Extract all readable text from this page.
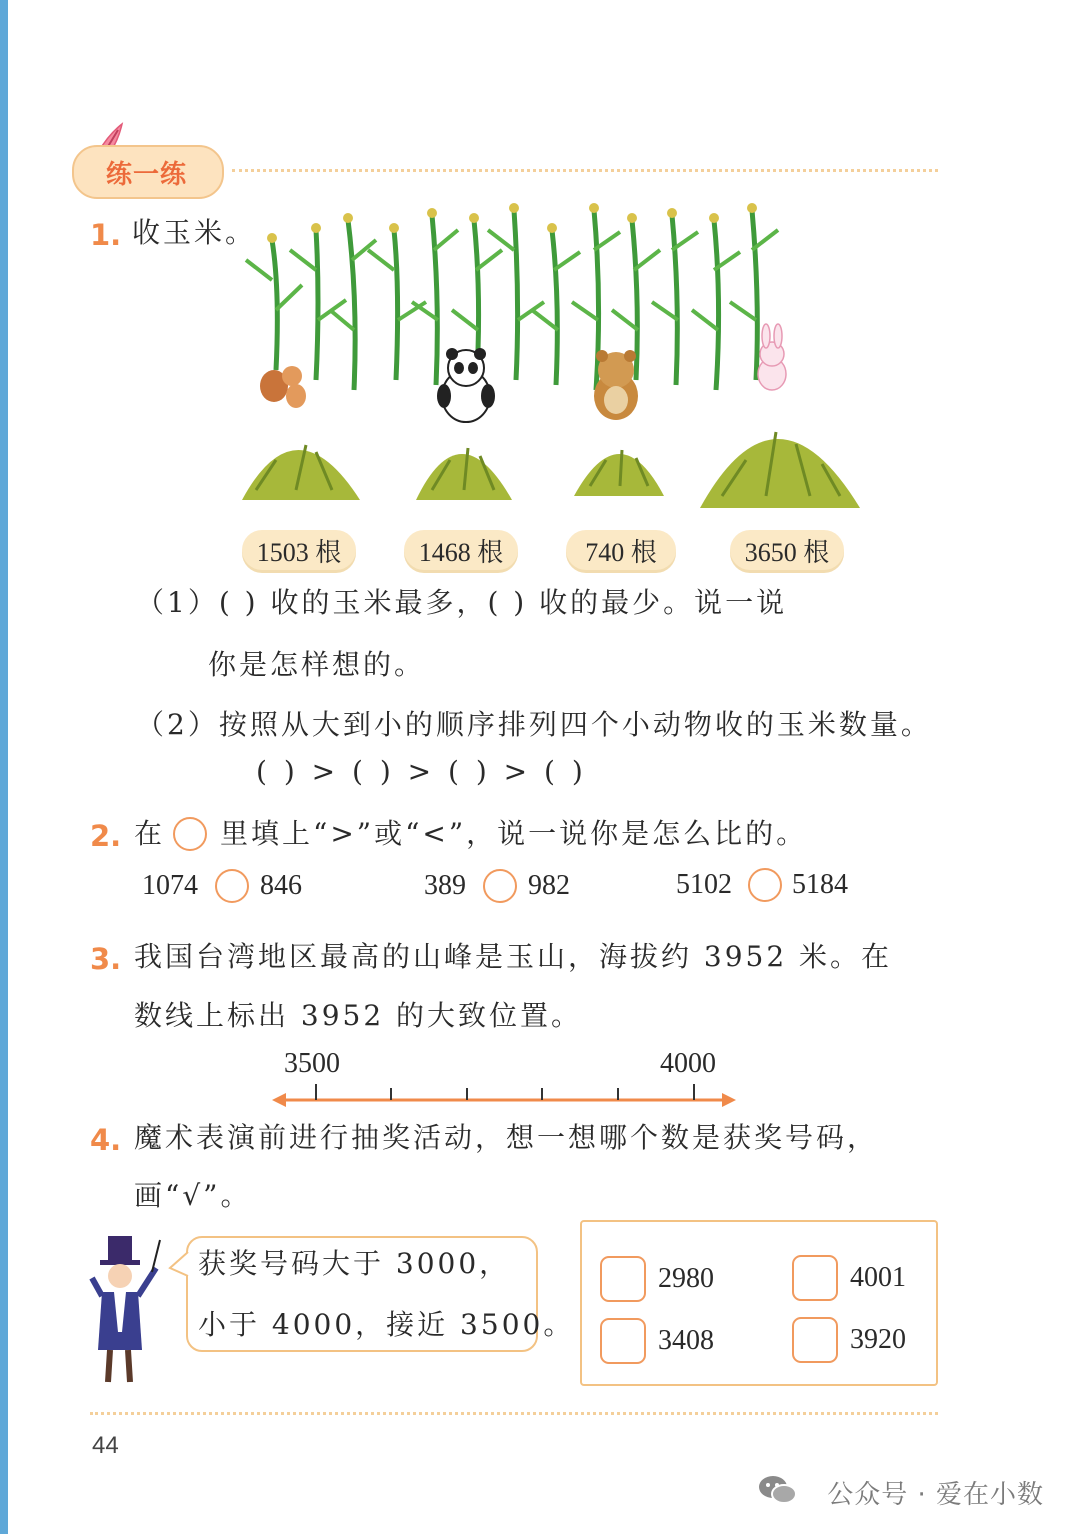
练一练
1. 收玉米。
1503 根	1468 根	740 根	3650 根
（1）( ) 收的玉米最多，( ) 收的最少。说一说
你是怎样想的。
（2）按照从大到小的顺序排列四个小动物收的玉米数量。
( ) > ( ) > ( ) > ( )
2. 在 里填上“>”或“<”，说一说你是怎么比的。
1074 846	389 982	5102 5184
3. 我国台湾地区最高的山峰是玉山，海拔约 3952 米。在
数线上标出 3952 的大致位置。
3500	4000
4. 魔术表演前进行抽奖活动，想一想哪个数是获奖号码，
画“√”。
获奖号码大于 3000，
小于 4000，接近 3500。
2980	4001
3408	3920
44
公众号 · 爱在小数
